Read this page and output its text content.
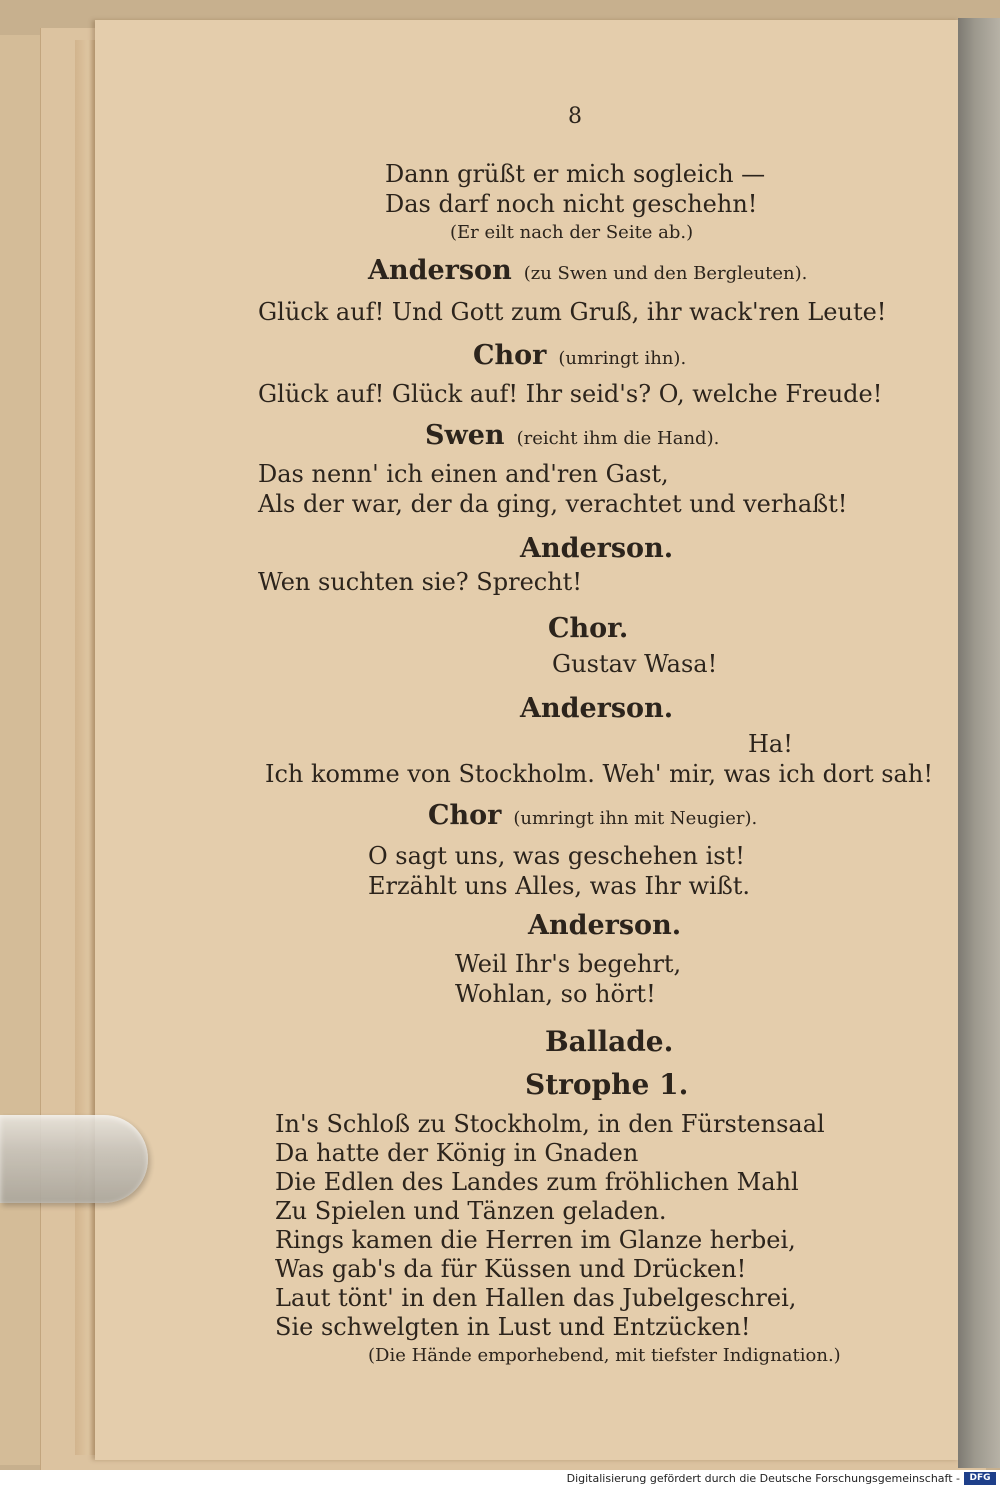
8
Dann grüßt er mich sogleich —
Das darf noch nicht geschehn!
(Er eilt nach der Seite ab.)
Anderson (zu Swen und den Bergleuten).
Glück auf! Und Gott zum Gruß, ihr wack'ren Leute!
Chor (umringt ihn).
Glück auf! Glück auf! Ihr seid's? O, welche Freude!
Swen (reicht ihm die Hand).
Das nenn' ich einen and'ren Gast,
Als der war, der da ging, verachtet und verhaßt!
Anderson.
Wen suchten sie? Sprecht!
Chor.
Gustav Wasa!
Anderson.
Ha!
Ich komme von Stockholm. Weh' mir, was ich dort sah!
Chor (umringt ihn mit Neugier).
O sagt uns, was geschehen ist!
Erzählt uns Alles, was Ihr wißt.
Anderson.
Weil Ihr's begehrt,
Wohlan, so hört!
Ballade.
Strophe 1.
In's Schloß zu Stockholm, in den Fürstensaal
Da hatte der König in Gnaden
Die Edlen des Landes zum fröhlichen Mahl
Zu Spielen und Tänzen geladen.
Rings kamen die Herren im Glanze herbei,
Was gab's da für Küssen und Drücken!
Laut tönt' in den Hallen das Jubelgeschrei,
Sie schwelgten in Lust und Entzücken!
(Die Hände emporhebend, mit tiefster Indignation.)
Digitalisierung gefördert durch die Deutsche Forschungsgemeinschaft -	DFG
